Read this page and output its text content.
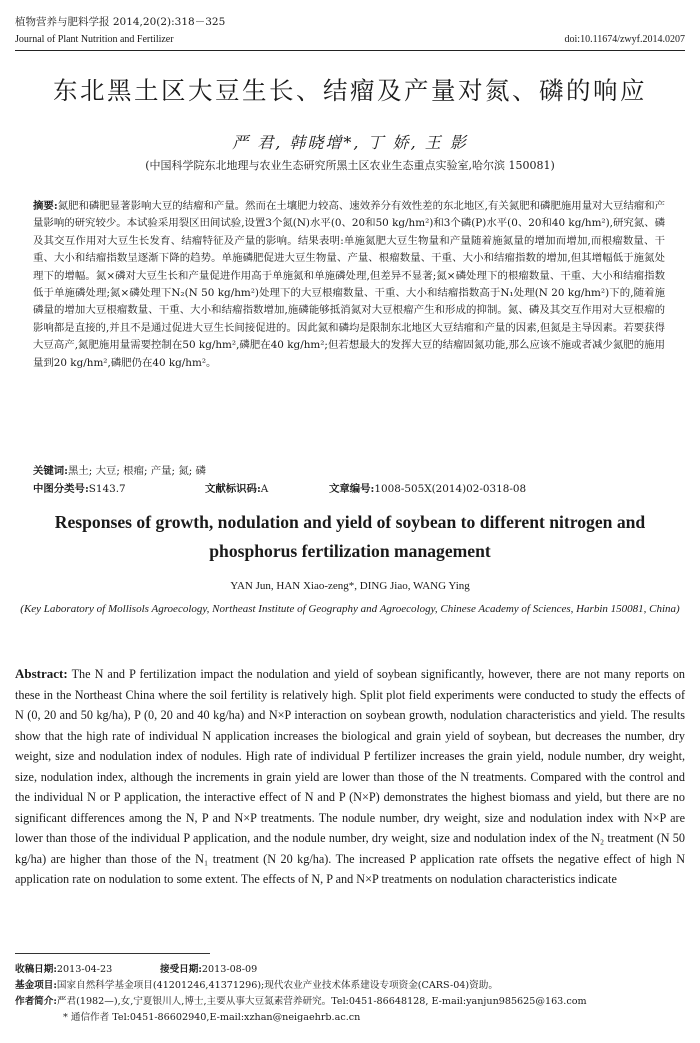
植物营养与肥料学报 2014,20(2):318－325
Journal of Plant Nutrition and Fertilizer	doi:10.11674/zwyf.2014.0207
东北黑土区大豆生长、结瘤及产量对氮、磷的响应
严 君, 韩晓增*, 丁 娇, 王 影
(中国科学院东北地理与农业生态研究所黑土区农业生态重点实验室,哈尔滨 150081)
摘要:氮肥和磷肥显著影响大豆的结瘤和产量。然而在土壤肥力较高、速效养分有效性差的东北地区,有关氮肥和磷肥施用量对大豆结瘤和产量影响的研究较少。本试验采用裂区田间试验,设置3个氮(N)水平(0、20和50 kg/hm²)和3个磷(P)水平(0、20和40 kg/hm²),研究氮、磷及其交互作用对大豆生长发育、结瘤特征及产量的影响。结果表明:单施氮肥大豆生物量和产量随着施氮量的增加而增加,而根瘤数量、干重、大小和结瘤指数呈逐渐下降的趋势。单施磷肥促进大豆生物量、产量、根瘤数量、干重、大小和结瘤指数的增加,但其增幅低于施氮处理下的增幅。氮×磷对大豆生长和产量促进作用高于单施氮和单施磷处理,但差异不显著;氮×磷处理下的根瘤数量、干重、大小和结瘤指数低于单施磷处理;氮×磷处理下N₂(N 50 kg/hm²)处理下的大豆根瘤数量、干重、大小和结瘤指数高于N₁处理(N 20 kg/hm²)下的,随着施磷量的增加大豆根瘤数量、干重、大小和结瘤指数增加,施磷能够抵消氮对大豆根瘤产生和形成的抑制。氮、磷及其交互作用对大豆根瘤的影响都是直接的,并且不是通过促进大豆生长间接促进的。因此氮和磷均是限制东北地区大豆结瘤和产量的因素,但氮是主导因素。若要获得大豆高产,氮肥施用量需要控制在50 kg/hm²,磷肥在40 kg/hm²;但若想最大的发挥大豆的结瘤固氮功能,那么应该不施或者减少氮肥的施用量到20 kg/hm²,磷肥仍在40 kg/hm²。
关键词:黑土; 大豆; 根瘤; 产量; 氮; 磷
中图分类号:S143.7	文献标识码:A	文章编号:1008-505X(2014)02-0318-08
Responses of growth, nodulation and yield of soybean to different nitrogen and phosphorus fertilization management
YAN Jun, HAN Xiao-zeng*, DING Jiao, WANG Ying
(Key Laboratory of Mollisols Agroecology, Northeast Institute of Geography and Agroecology, Chinese Academy of Sciences, Harbin 150081, China)
Abstract: The N and P fertilization impact the nodulation and yield of soybean significantly, however, there are not many reports on these in the Northeast China where the soil fertility is relatively high. Split plot field experiments were conducted to study the effects of N (0, 20 and 50 kg/ha), P (0, 20 and 40 kg/ha) and N×P interaction on soybean growth, nodulation characteristics and yield. The results show that the high rate of individual N application increases the biological and grain yield of soybean, but decreases the number, dry weight, size and nodulation index of nodules. High rate of individual P fertilizer increases the grain yield, nodule number, dry weight, size, nodulation index, although the increments in grain yield are lower than those of the N treatments. Compared with the control and the individual N or P application, the interactive effect of N and P (N×P) demonstrates the highest biomass and yield, but there are no significant differences among the N, P and N×P treatments. The nodule number, dry weight, size and nodulation index with N×P are lower than those of the individual P application, and the nodule number, dry weight, size and nodulation index of the N₂ treatment (N 50 kg/ha) are higher than those of the N₁ treatment (N 20 kg/ha). The increased P application rate offsets the negative effect of high N application rate on nodulation to some extent. The effects of N, P and N×P treatments on nodulation characteristics indicate
收稿日期:2013-04-23	接受日期:2013-08-09
基金项目:国家自然科学基金项目(41201246,41371296);现代农业产业技术体系建设专项资金(CARS-04)资助。
作者简介:严君(1982—),女,宁夏银川人,博士,主要从事大豆氮素营养研究。Tel:0451-86648128, E-mail:yanjun985625@163.com
* 通信作者 Tel:0451-86602940,E-mail:xzhan@neigaehrb.ac.cn
